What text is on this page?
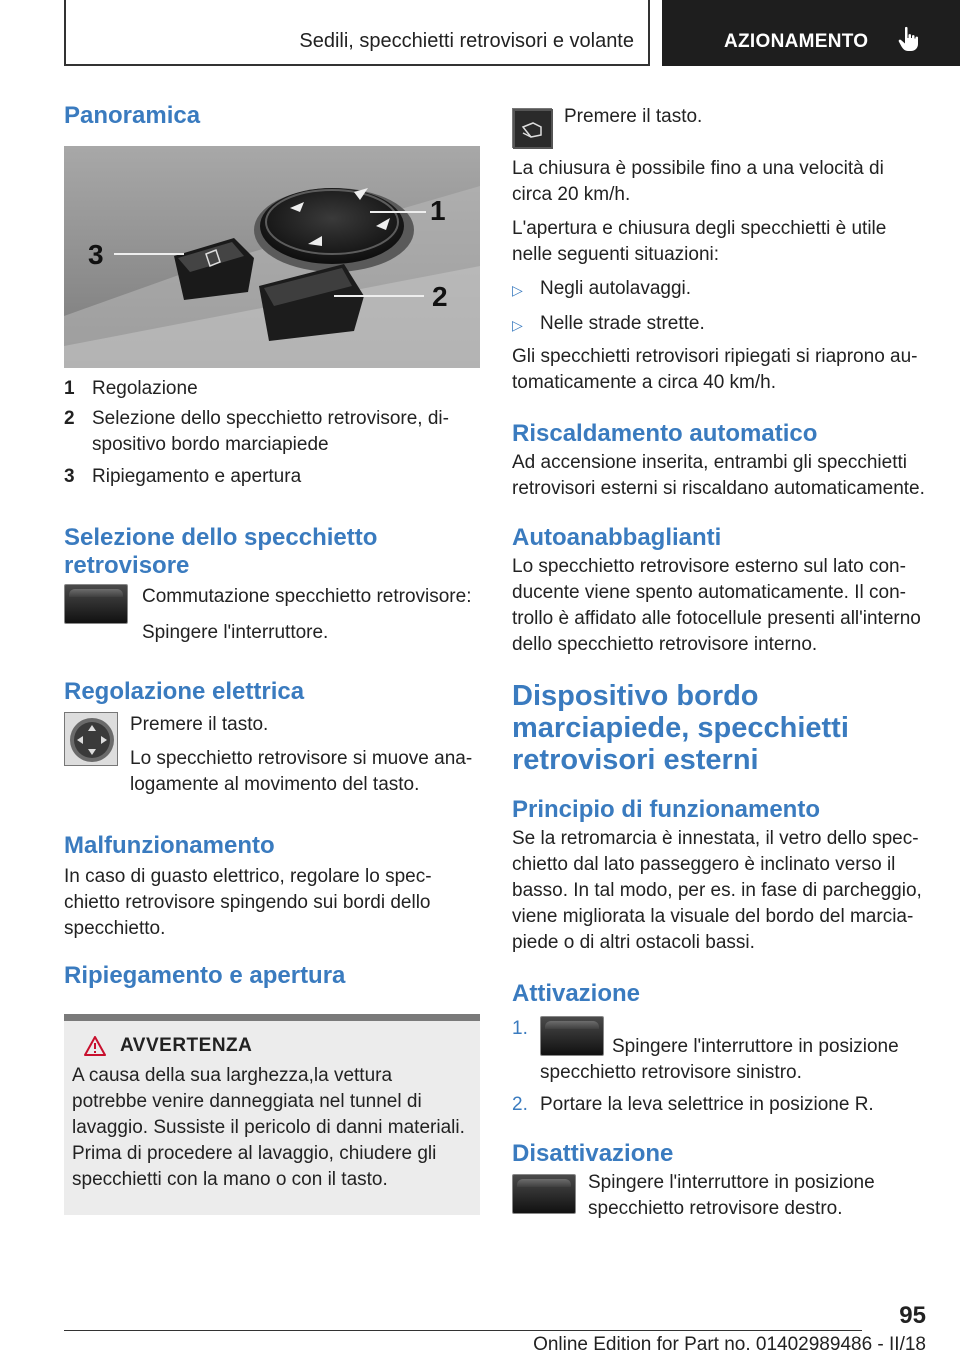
Sedili, specchietti retrovisori e volante	AZIONAMENTO
Panoramica
3
1
2
1 Regolazione
2 Selezione dello specchietto retrovisore, dispositivo bordo marciapiede
3 Ripiegamento e apertura
Selezione dello specchietto retrovisore

Commutazione specchietto retrovisore:

Spingere l'interruttore.

Regolazione elettrica

Premere il tasto.

Lo specchietto retrovisore si muove analogamente al movimento del tasto.

Malfunzionamento

In caso di guasto elettrico, regolare lo specchietto retrovisore spingendo sui bordi dello specchietto.

Ripiegamento e apertura
AVVERTENZA

A causa della sua larghezza,la vettura potrebbe venire danneggiata nel tunnel di lavaggio. Sussiste il pericolo di danni materiali. Prima di procedere al lavaggio, chiudere gli specchietti con la mano o con il tasto.

Premere il tasto.

La chiusura è possibile fino a una velocità di circa 20 km/h.

L'apertura e chiusura degli specchietti è utile nelle seguenti situazioni:

▷ Negli autolavaggi.
▷ Nelle strade strette.

Gli specchietti retrovisori ripiegati si riaprono automaticamente a circa 40 km/h.

Riscaldamento automatico

Ad accensione inserita, entrambi gli specchietti retrovisori esterni si riscaldano automaticamente.

Autoanabbaglianti

Lo specchietto retrovisore esterno sul lato conducente viene spento automaticamente. Il controllo è affidato alle fotocellule presenti all'interno dello specchietto retrovisore interno.

Dispositivo bordo marciapiede, specchietti retrovisori esterni
Principio di funzionamento

Se la retromarcia è innestata, il vetro dello specchietto dal lato passeggero è inclinato verso il basso. In tal modo, per es. in fase di parcheggio, viene migliorata la visuale del bordo del marciapiede o di altri ostacoli bassi.

Attivazione
1.
Spingere l'interruttore in posizione specchietto retrovisore sinistro.
2. Portare la leva selettrice in posizione R.
Disattivazione

Spingere l'interruttore in posizione specchietto retrovisore destro.

95
Online Edition for Part no. 01402989486 - II/18
